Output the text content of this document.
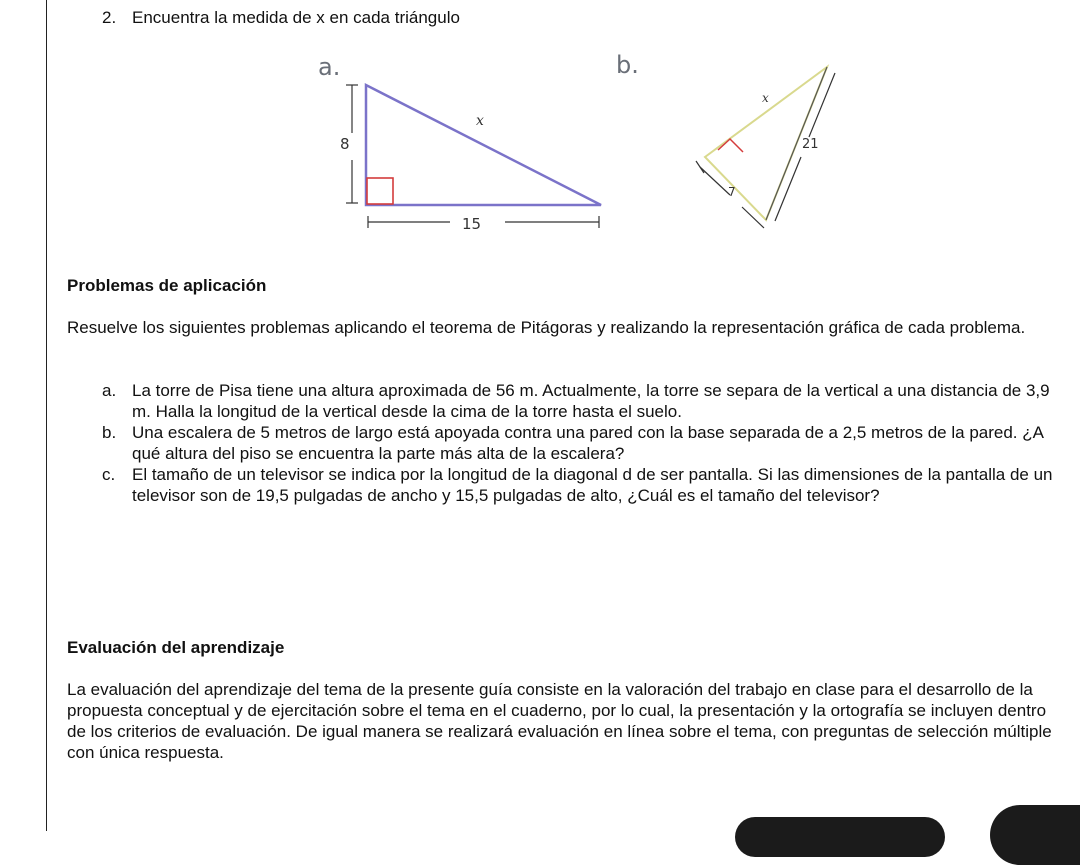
2. Encuentra la medida de x en cada triángulo
a.
8
15
x
b.
x
21
7
Problemas de aplicación
Resuelve los siguientes problemas aplicando el teorema de Pitágoras y realizando la representación gráfica de cada problema.
a. La torre de Pisa tiene una altura aproximada de 56 m. Actualmente, la torre se separa de la vertical a una distancia de 3,9 m. Halla la longitud de la vertical desde la cima de la torre hasta el suelo.
b. Una escalera de 5 metros de largo está apoyada contra una pared con la base separada de a 2,5 metros de la pared. ¿A qué altura del piso se encuentra la parte más alta de la escalera?
c. El tamaño de un televisor se indica por la longitud de la diagonal d de ser pantalla. Si las dimensiones de la pantalla de un televisor son de 19,5 pulgadas de ancho y 15,5 pulgadas de alto, ¿Cuál es el tamaño del televisor?
Evaluación del aprendizaje
La evaluación del aprendizaje del tema de la presente guía consiste en la valoración del trabajo en clase para el desarrollo de la propuesta conceptual y de ejercitación sobre el tema en el cuaderno, por lo cual, la presentación y la ortografía se incluyen dentro de los criterios de evaluación. De igual manera se realizará evaluación en línea sobre el tema, con preguntas de selección múltiple con única respuesta.
